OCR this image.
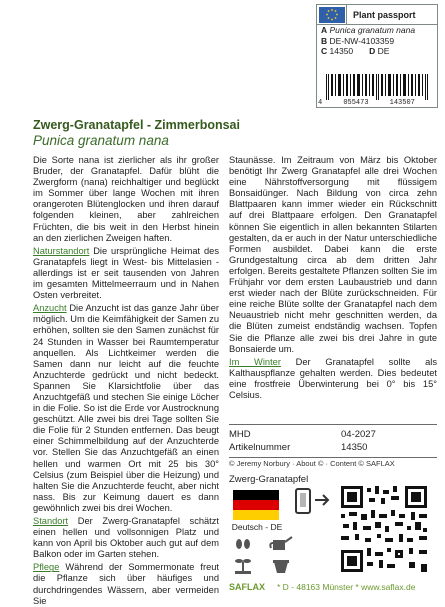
Plant passport
A Punica granatum nana
B DE-NW-4103359
C 14350	D DE
4	055473	143507
Zwerg-Granatapfel - Zimmerbonsai
Punica granatum nana

Die Sorte nana ist zierlicher als ihr großer Bruder, der Granatapfel. Dafür blüht die Zwergform (nana) reichhaltiger und beglückt im Sommer über lange Wochen mit ihren orangeroten Blütenglocken und ihren darauf folgenden kleinen, aber zahlreichen Früchten, die bis weit in den Herbst hinein an den zierlichen Zweigen haften.

Naturstandort Die ursprüngliche Heimat des Granatapfels liegt in West- bis Mittelasien - allerdings ist er seit tausenden von Jahren im gesamten Mittelmeerraum und in Nahen Osten verbreitet.

Anzucht Die Anzucht ist das ganze Jahr über möglich. Um die Keimfähigkeit der Samen zu erhöhen, sollten sie den Samen zunächst für 24 Stunden in Wasser bei Raumtemperatur anquellen. Als Lichtkeimer werden die Samen dann nur leicht auf die feuchte Anzuchterde gedrückt und nicht bedeckt. Spannen Sie Klarsichtfolie über das Anzuchtgefäß und stechen Sie einige Löcher in die Folie. So ist die Erde vor Austrocknung geschützt. Alle zwei bis drei Tage sollten Sie die Folie für 2 Stunden entfernen. Das beugt einer Schimmelbildung auf der Anzuchterde vor. Stellen Sie das Anzuchtgefäß an einen hellen und warmen Ort mit 25 bis 30° Celsius (zum Beispiel über die Heizung) und halten Sie die Anzuchterde feucht, aber nicht nass. Bis zur Keimung dauert es dann gewöhnlich zwei bis drei Wochen.

Standort Der Zwerg-Granatapfel schätzt einen hellen und vollsonnigen Platz und kann von April bis Oktober auch gut auf dem Balkon oder im Garten stehen.

Pflege Während der Sommermonate freut die Pflanze sich über häufiges und durchdringendes Wässern, aber vermeiden Sie

Staunässe. Im Zeitraum von März bis Oktober benötigt Ihr Zwerg Granatapfel alle drei Wochen eine Nährstoffversorgung mit flüssigem Bonsaidünger. Nach Bildung von circa zehn Blattpaaren kann immer wieder ein Rückschnitt auf drei Blattpaare erfolgen. Den Granatapfel können Sie eigentlich in allen bekannten Stilarten gestalten, da er auch in der Natur unterschiedliche Formen ausbildet. Dabei kann die erste Grundgestaltung circa ab dem dritten Jahr erfolgen. Bereits gestaltete Pflanzen sollten Sie im Frühjahr vor dem ersten Laubaustrieb und dann erst wieder nach der Blüte zurückschneiden. Für eine reiche Blüte sollte der Granatapfel nach dem Neuaustrieb nicht mehr geschnitten werden, da die Blüten zumeist endständig wachsen. Topfen Sie die Pflanze alle zwei bis drei Jahre in gute Bonsaierde um.

Im Winter Der Granatapfel sollte als Kalthauspflanze gehalten werden. Dies bedeutet eine frostfreie Überwinterung bei 0° bis 15° Celsius.

MHD	04-2027
Artikelnummer	14350
© Jeremy Norbury · About © · Content © SAFLAX
Zwerg-Granatapfel
Deutsch - DE
SAFLAX * D - 48163 Münster * www.saflax.de
